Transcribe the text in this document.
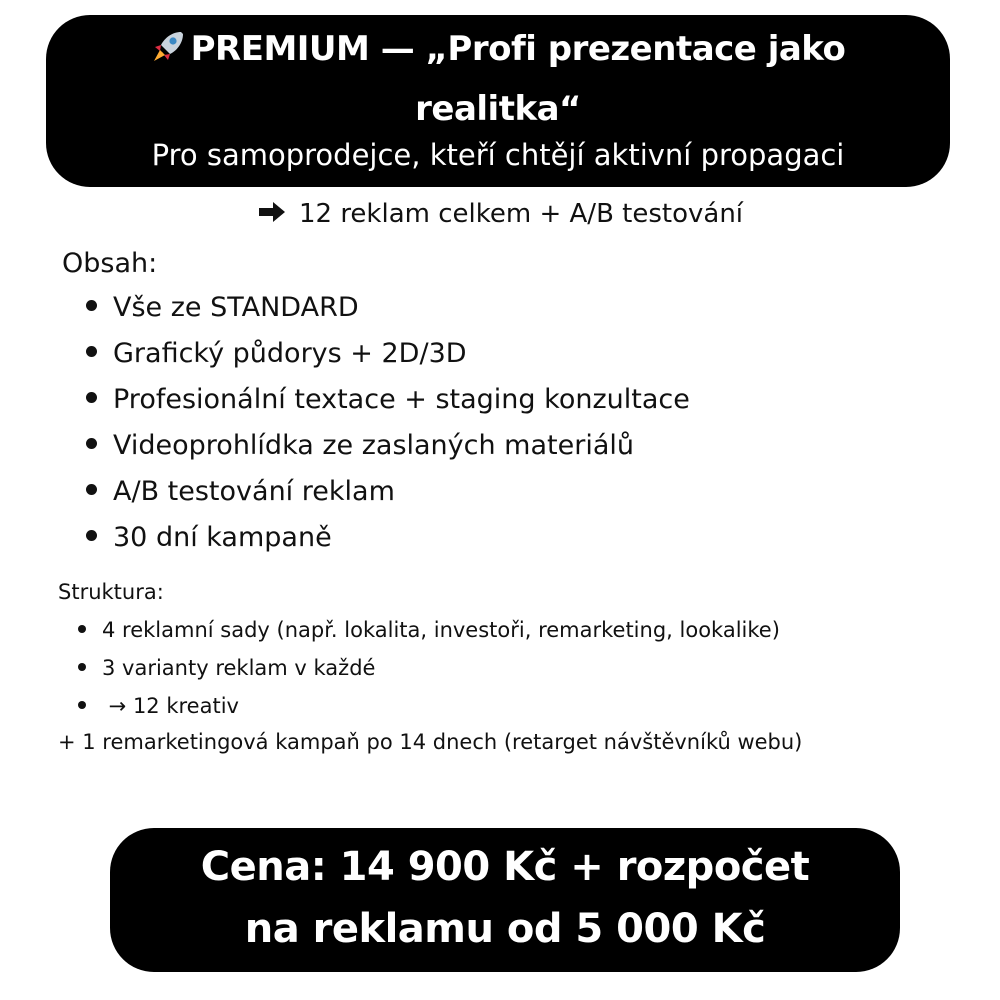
PREMIUM — „Profi prezentace jako realitka“
Pro samoprodejce, kteří chtějí aktivní propagaci
12 reklam celkem + A/B testování
Obsah:
Vše ze STANDARD
Grafický půdorys + 2D/3D
Profesionální textace + staging konzultace
Videoprohlídka ze zaslaných materiálů
A/B testování reklam
30 dní kampaně
Struktura:
4 reklamní sady (např. lokalita, investoři, remarketing, lookalike)
3 varianty reklam v každé
→ 12 kreativ
+ 1 remarketingová kampaň po 14 dnech (retarget návštěvníků webu)
Cena: 14 900 Kč + rozpočet
na reklamu od 5 000 Kč
